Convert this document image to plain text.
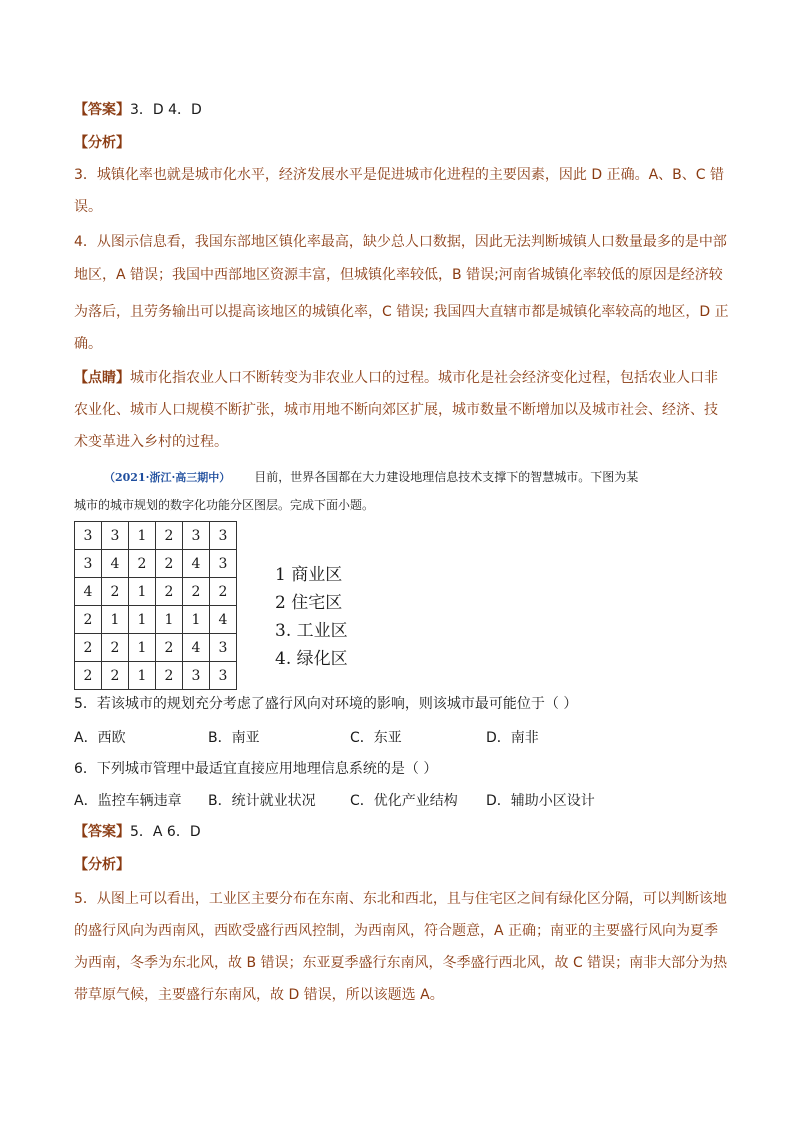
【答案】3．D 4．D
【分析】
3．城镇化率也就是城市化水平，经济发展水平是促进城市化进程的主要因素，因此 D 正确。A、B、C 错
误。
4．从图示信息看，我国东部地区镇化率最高，缺少总人口数据，因此无法判断城镇人口数量最多的是中部
地区，A 错误；我国中西部地区资源丰富，但城镇化率较低，B 错误;河南省城镇化率较低的原因是经济较
为落后，且劳务输出可以提高该地区的城镇化率，C 错误; 我国四大直辖市都是城镇化率较高的地区，D 正
确。
【点睛】城市化指农业人口不断转变为非农业人口的过程。城市化是社会经济变化过程，包括农业人口非
农业化、城市人口规模不断扩张，城市用地不断向郊区扩展，城市数量不断增加以及城市社会、经济、技
术变革进入乡村的过程。
（2021·浙江·高三期中） 目前，世界各国都在大力建设地理信息技术支撑下的智慧城市。下图为某
城市的城市规划的数字化功能分区图层。完成下面小题。
3	3	1	2	3	3
3	4	2	2	4	3
4	2	1	2	2	2
2	1	1	1	1	4
2	2	1	2	4	3
2	2	1	2	3	3
1 商业区
2 住宅区
3. 工业区
4. 绿化区
5．若该城市的规划充分考虑了盛行风向对环境的影响，则该城市最可能位于（ ）
A．西欧	B．南亚	C．东亚	D．南非
6．下列城市管理中最适宜直接应用地理信息系统的是（ ）
A．监控车辆违章 B．统计就业状况 C．优化产业结构 D．辅助小区设计
【答案】5．A 6．D
【分析】
5．从图上可以看出，工业区主要分布在东南、东北和西北，且与住宅区之间有绿化区分隔，可以判断该地
的盛行风向为西南风，西欧受盛行西风控制，为西南风，符合题意，A 正确；南亚的主要盛行风向为夏季
为西南，冬季为东北风，故 B 错误；东亚夏季盛行东南风，冬季盛行西北风，故 C 错误；南非大部分为热
带草原气候，主要盛行东南风，故 D 错误，所以该题选 A。
